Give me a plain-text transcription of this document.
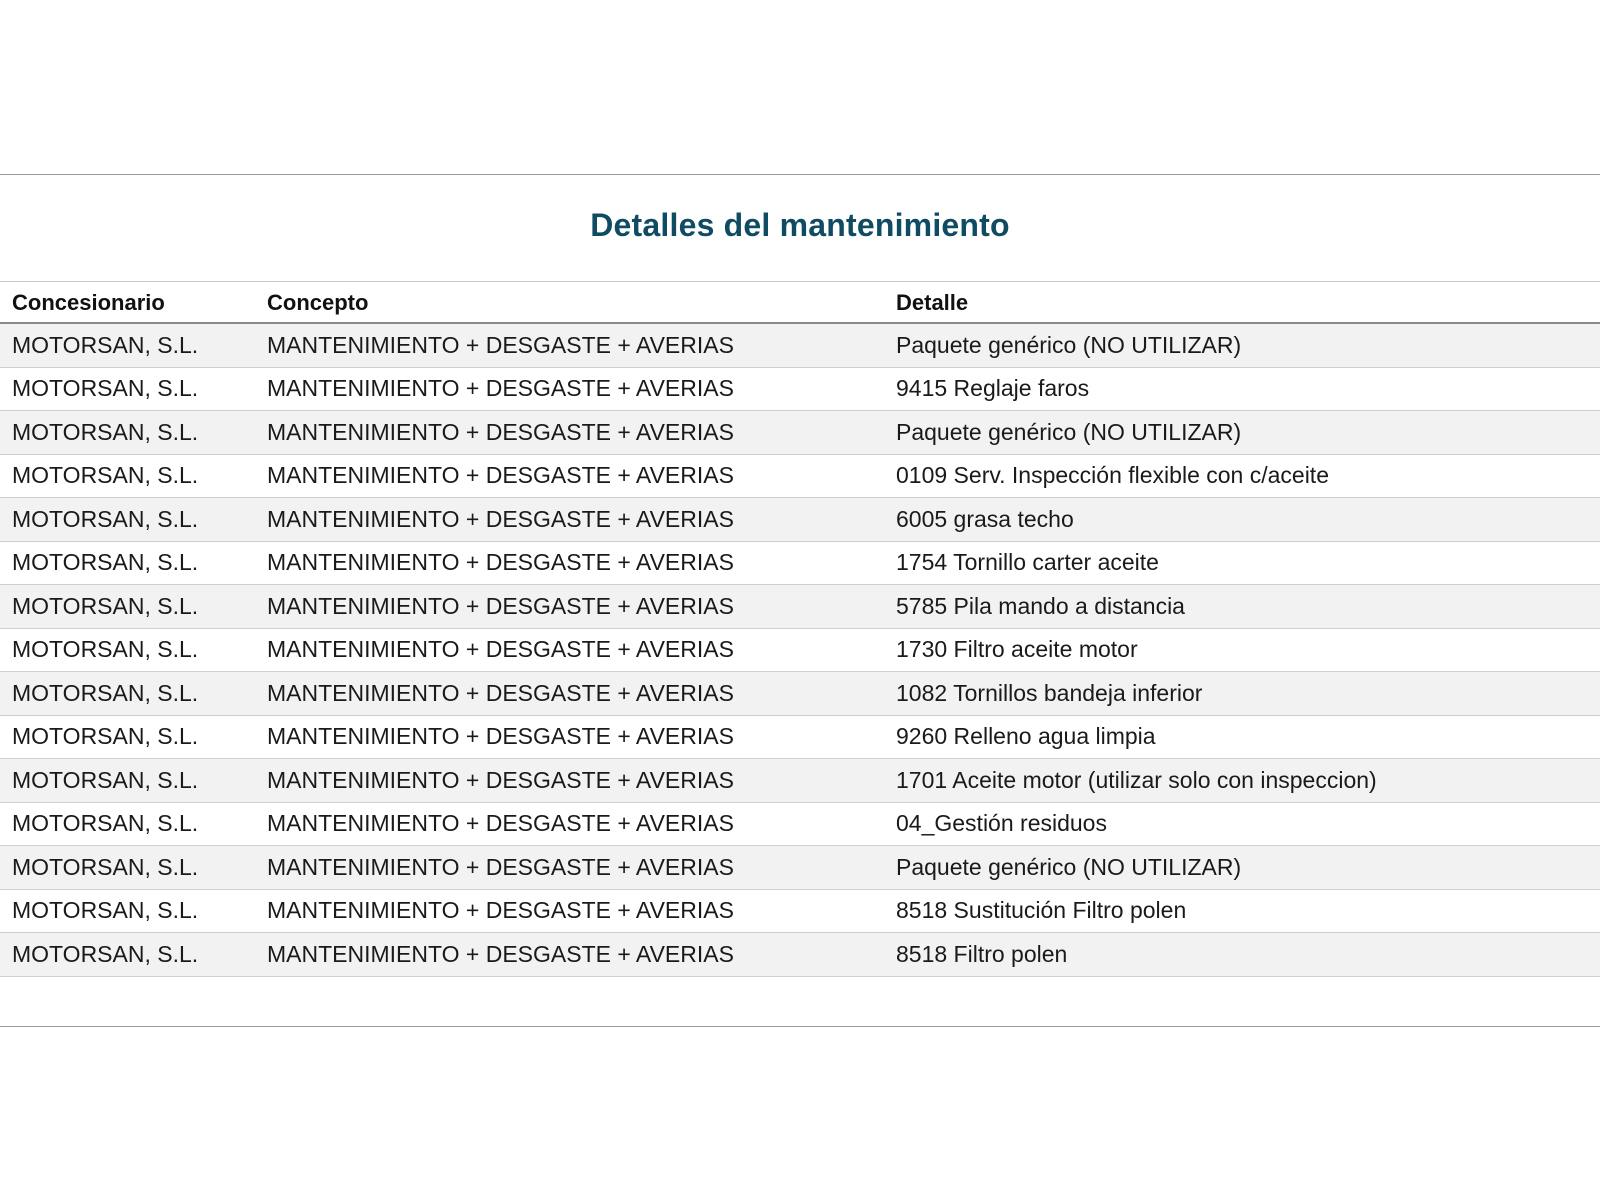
Detalles del mantenimiento
Concesionario	Concepto	Detalle
MOTORSAN, S.L.	MANTENIMIENTO + DESGASTE + AVERIAS	Paquete genérico (NO UTILIZAR)
MOTORSAN, S.L.	MANTENIMIENTO + DESGASTE + AVERIAS	9415 Reglaje faros
MOTORSAN, S.L.	MANTENIMIENTO + DESGASTE + AVERIAS	Paquete genérico (NO UTILIZAR)
MOTORSAN, S.L.	MANTENIMIENTO + DESGASTE + AVERIAS	0109 Serv. Inspección flexible con c/aceite
MOTORSAN, S.L.	MANTENIMIENTO + DESGASTE + AVERIAS	6005 grasa techo
MOTORSAN, S.L.	MANTENIMIENTO + DESGASTE + AVERIAS	1754 Tornillo carter aceite
MOTORSAN, S.L.	MANTENIMIENTO + DESGASTE + AVERIAS	5785 Pila mando a distancia
MOTORSAN, S.L.	MANTENIMIENTO + DESGASTE + AVERIAS	1730 Filtro aceite motor
MOTORSAN, S.L.	MANTENIMIENTO + DESGASTE + AVERIAS	1082 Tornillos bandeja inferior
MOTORSAN, S.L.	MANTENIMIENTO + DESGASTE + AVERIAS	9260 Relleno agua limpia
MOTORSAN, S.L.	MANTENIMIENTO + DESGASTE + AVERIAS	1701 Aceite motor (utilizar solo con inspeccion)
MOTORSAN, S.L.	MANTENIMIENTO + DESGASTE + AVERIAS	04_Gestión residuos
MOTORSAN, S.L.	MANTENIMIENTO + DESGASTE + AVERIAS	Paquete genérico (NO UTILIZAR)
MOTORSAN, S.L.	MANTENIMIENTO + DESGASTE + AVERIAS	8518 Sustitución Filtro polen
MOTORSAN, S.L.	MANTENIMIENTO + DESGASTE + AVERIAS	8518 Filtro polen
